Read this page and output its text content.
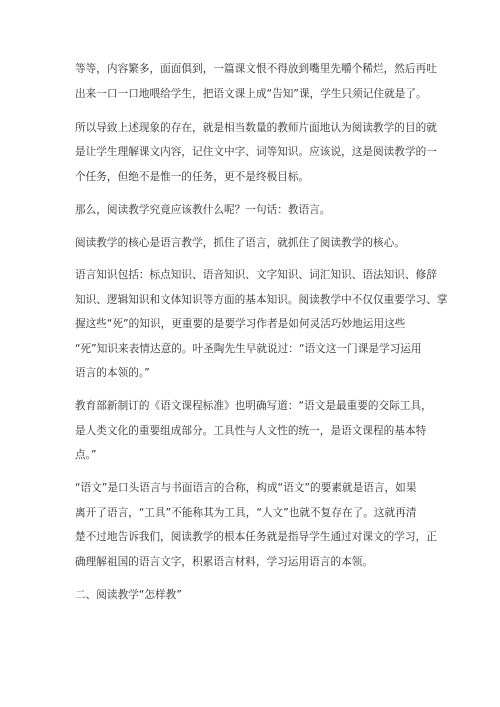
等等，内容繁多，面面俱到，一篇课文恨不得放到嘴里先嚼个稀烂，然后再吐
出来一口一口地喂给学生，把语文课上成“告知”课，学生只须记住就是了。
所以导致上述现象的存在，就是相当数量的教师片面地认为阅读教学的目的就
是让学生理解课文内容，记住文中字、词等知识。应该说，这是阅读教学的一
个任务，但绝不是惟一的任务，更不是终极目标。
那么，阅读教学究竟应该教什么呢？一句话：教语言。
阅读教学的核心是语言教学，抓住了语言，就抓住了阅读教学的核心。
语言知识包括：标点知识、语音知识、文字知识、词汇知识、语法知识、修辞
知识、逻辑知识和文体知识等方面的基本知识。阅读教学中不仅仅重要学习、掌
握这些“死”的知识，更重要的是要学习作者是如何灵活巧妙地运用这些
“死”知识来表情达意的。叶圣陶先生早就说过：“语文这一门课是学习运用
语言的本领的。”
教育部新制订的《语文课程标准》也明确写道：“语文是最重要的交际工具，
是人类文化的重要组成部分。工具性与人文性的统一，是语文课程的基本特
点。”
“语文”是口头语言与书面语言的合称，构成“语文”的要素就是语言，如果
离开了语言，“工具”不能称其为工具，“人文”也就不复存在了。这就再清
楚不过地告诉我们，阅读教学的根本任务就是指导学生通过对课文的学习，正
确理解祖国的语言文字，积累语言材料，学习运用语言的本领。
二、阅读教学“怎样教”
